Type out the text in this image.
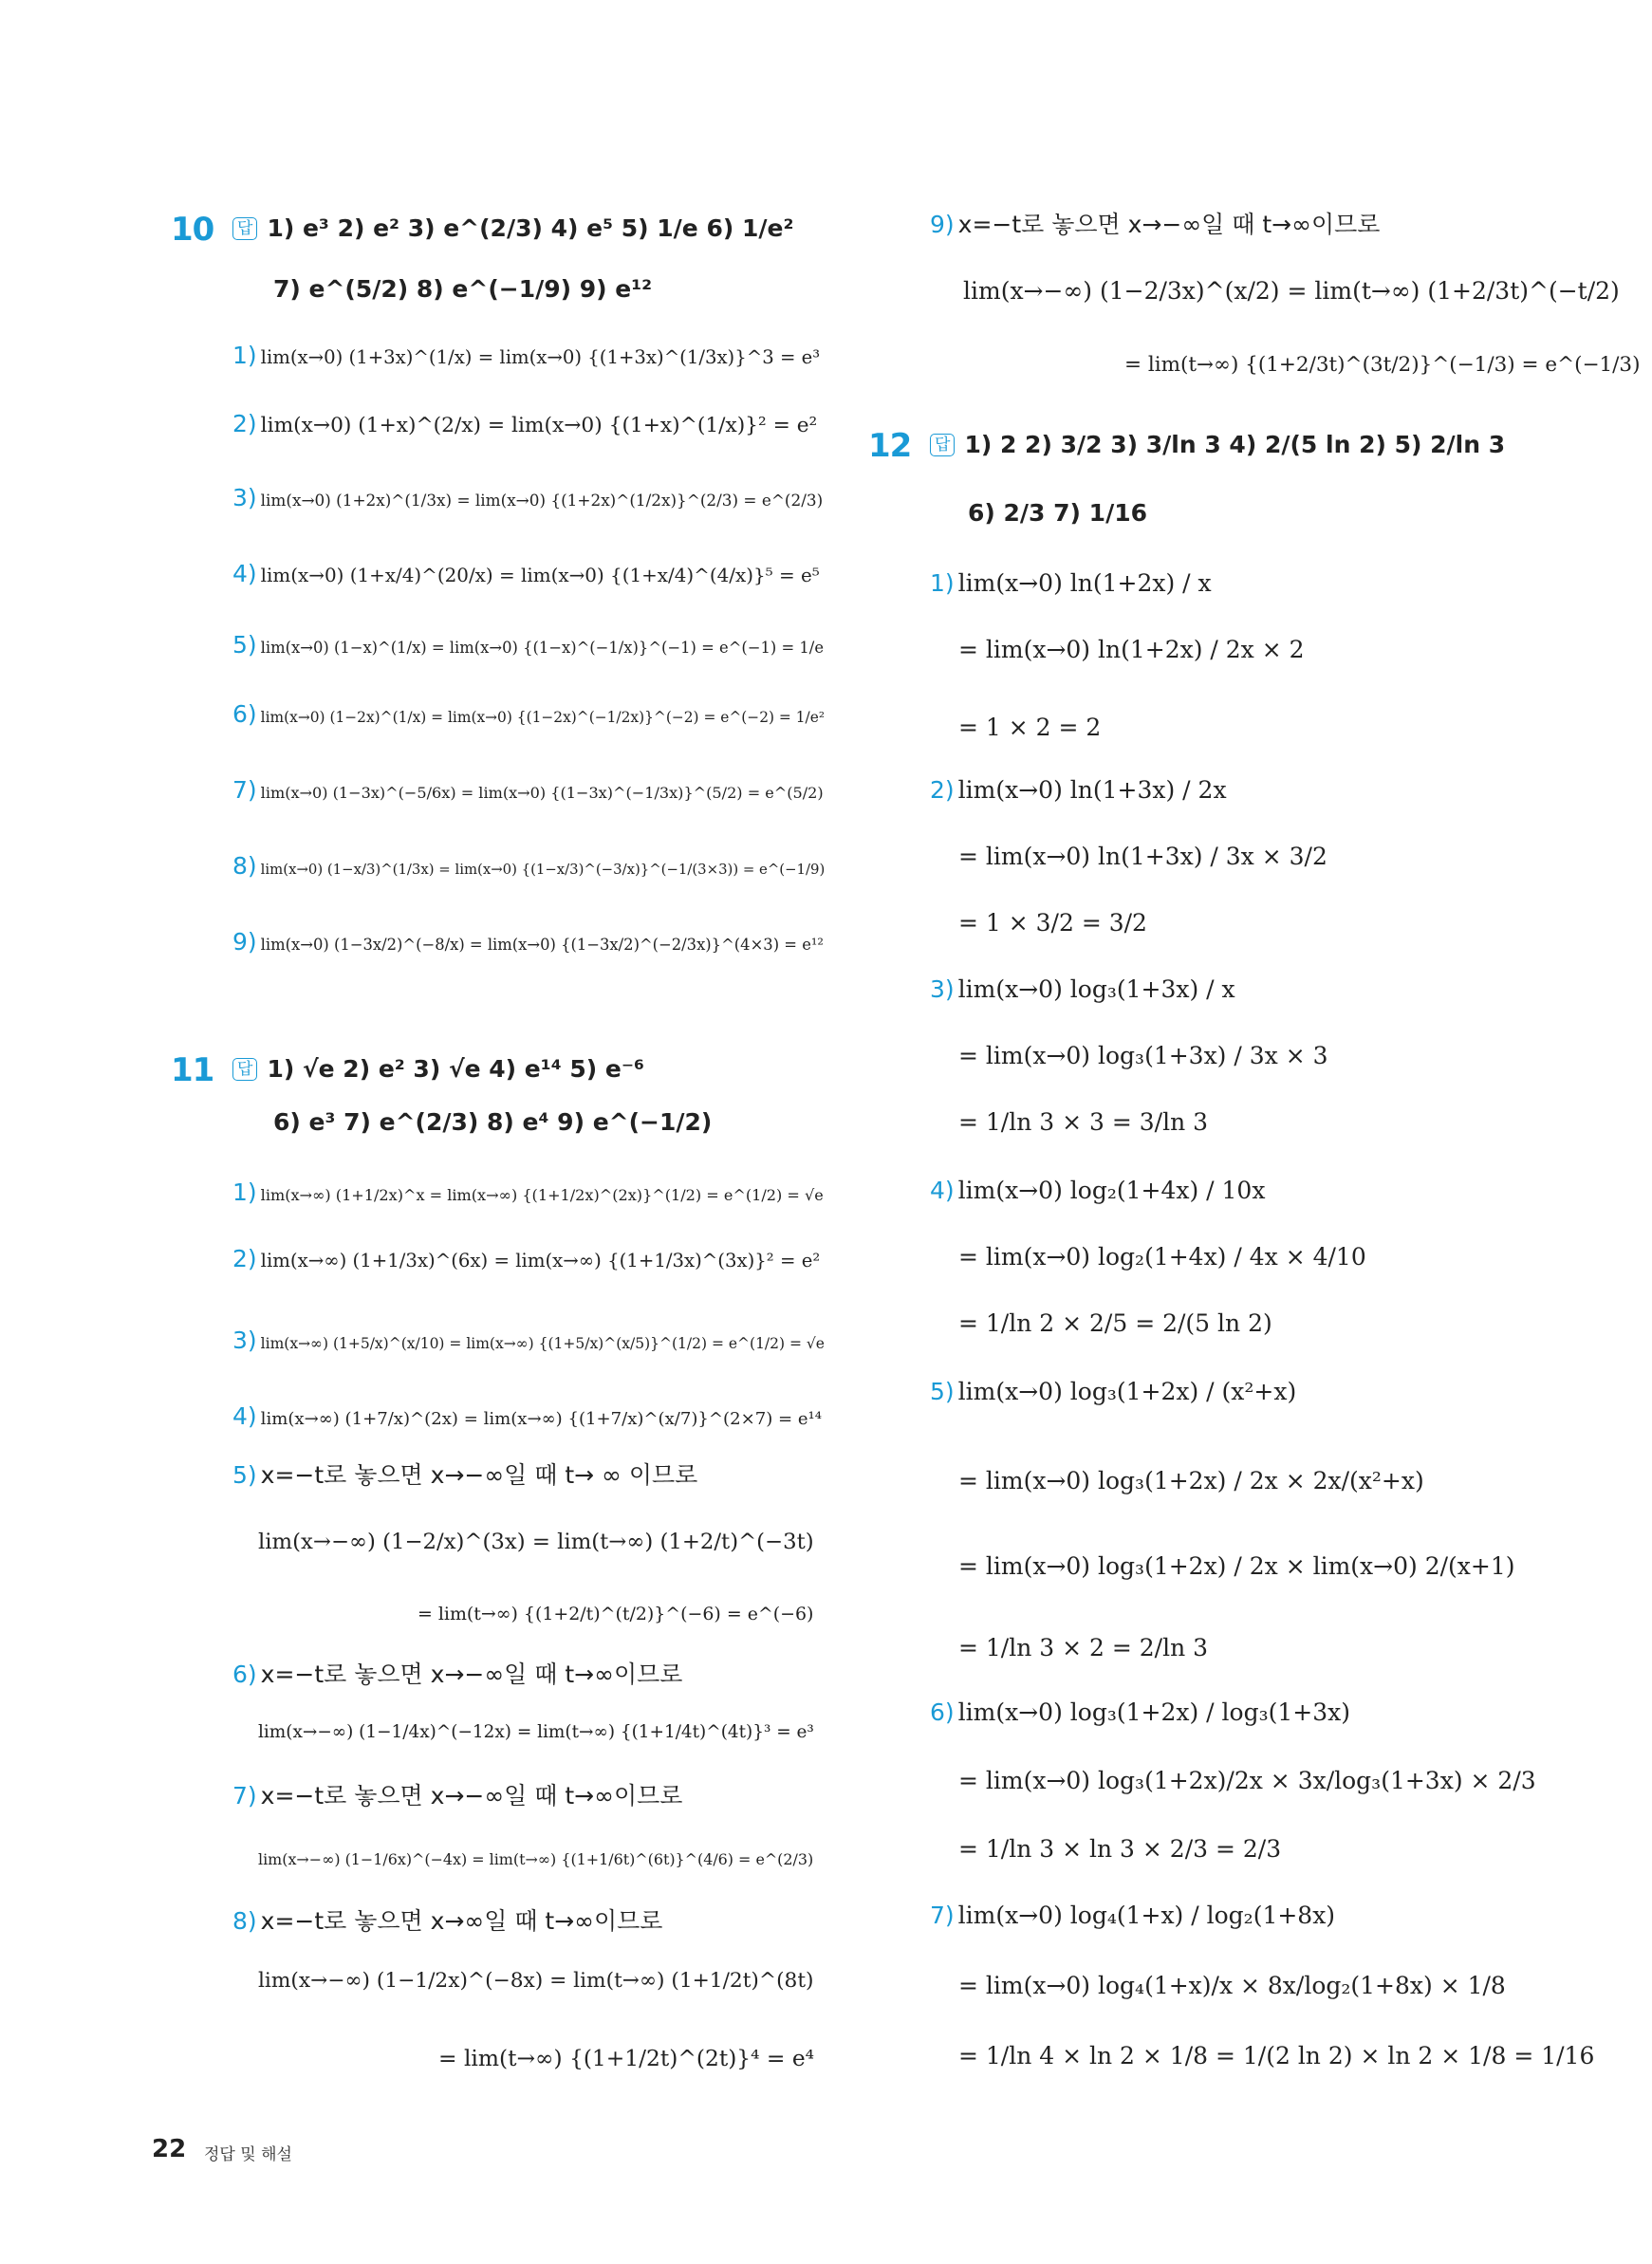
10 답 1) e³ 2) e² 3) e^(2/3) 4) e⁵ 5) 1/e 6) 1/e²
7) e^(5/2) 8) e^(−1/9) 9) e¹²
1) lim(x→0) (1+3x)^(1/x) = lim(x→0) {(1+3x)^(1/3x)}^3 = e³
2) lim(x→0) (1+x)^(2/x) = lim(x→0) {(1+x)^(1/x)}² = e²
3) lim(x→0) (1+2x)^(1/3x) = lim(x→0) {(1+2x)^(1/2x)}^(2/3) = e^(2/3)
4) lim(x→0) (1+x/4)^(20/x) = lim(x→0) {(1+x/4)^(4/x)}⁵ = e⁵
5) lim(x→0) (1−x)^(1/x) = lim(x→0) {(1−x)^(−1/x)}^(−1) = e^(−1) = 1/e
6) lim(x→0) (1−2x)^(1/x) = lim(x→0) {(1−2x)^(−1/2x)}^(−2) = e^(−2) = 1/e²
7) lim(x→0) (1−3x)^(−5/6x) = lim(x→0) {(1−3x)^(−1/3x)}^(5/2) = e^(5/2)
8) lim(x→0) (1−x/3)^(1/3x) = lim(x→0) {(1−x/3)^(−3/x)}^(−1/(3×3)) = e^(−1/9)
9) lim(x→0) (1−3x/2)^(−8/x) = lim(x→0) {(1−3x/2)^(−2/3x)}^(4×3) = e¹²
11 답 1) √e 2) e² 3) √e 4) e¹⁴ 5) e⁻⁶
6) e³ 7) e^(2/3) 8) e⁴ 9) e^(−1/2)
1) lim(x→∞) (1+1/2x)^x = lim(x→∞) {(1+1/2x)^(2x)}^(1/2) = e^(1/2) = √e
2) lim(x→∞) (1+1/3x)^(6x) = lim(x→∞) {(1+1/3x)^(3x)}² = e²
3) lim(x→∞) (1+5/x)^(x/10) = lim(x→∞) {(1+5/x)^(x/5)}^(1/2) = e^(1/2) = √e
4) lim(x→∞) (1+7/x)^(2x) = lim(x→∞) {(1+7/x)^(x/7)}^(2×7) = e¹⁴
5) x=−t로 놓으면 x→−∞일 때 t→ ∞ 이므로
lim(x→−∞) (1−2/x)^(3x) = lim(t→∞) (1+2/t)^(−3t)
= lim(t→∞) {(1+2/t)^(t/2)}^(−6) = e^(−6)
6) x=−t로 놓으면 x→−∞일 때 t→∞이므로
lim(x→−∞) (1−1/4x)^(−12x) = lim(t→∞) {(1+1/4t)^(4t)}³ = e³
7) x=−t로 놓으면 x→−∞일 때 t→∞이므로
lim(x→−∞) (1−1/6x)^(−4x) = lim(t→∞) {(1+1/6t)^(6t)}^(4/6) = e^(2/3)
8) x=−t로 놓으면 x→∞일 때 t→∞이므로
lim(x→−∞) (1−1/2x)^(−8x) = lim(t→∞) (1+1/2t)^(8t)
= lim(t→∞) {(1+1/2t)^(2t)}⁴ = e⁴
22 정답 및 해설
9) x=−t로 놓으면 x→−∞일 때 t→∞이므로
lim(x→−∞) (1−2/3x)^(x/2) = lim(t→∞) (1+2/3t)^(−t/2)
= lim(t→∞) {(1+2/3t)^(3t/2)}^(−1/3) = e^(−1/3)
12 답 1) 2 2) 3/2 3) 3/ln 3 4) 2/(5 ln 2) 5) 2/ln 3
6) 2/3 7) 1/16
1) lim(x→0) ln(1+2x) / x
= lim(x→0) ln(1+2x) / 2x × 2
= 1 × 2 = 2
2) lim(x→0) ln(1+3x) / 2x
= lim(x→0) ln(1+3x) / 3x × 3/2
= 1 × 3/2 = 3/2
3) lim(x→0) log₃(1+3x) / x
= lim(x→0) log₃(1+3x) / 3x × 3
= 1/ln 3 × 3 = 3/ln 3
4) lim(x→0) log₂(1+4x) / 10x
= lim(x→0) log₂(1+4x) / 4x × 4/10
= 1/ln 2 × 2/5 = 2/(5 ln 2)
5) lim(x→0) log₃(1+2x) / (x²+x)
= lim(x→0) log₃(1+2x) / 2x × 2x/(x²+x)
= lim(x→0) log₃(1+2x) / 2x × lim(x→0) 2/(x+1)
= 1/ln 3 × 2 = 2/ln 3
6) lim(x→0) log₃(1+2x) / log₃(1+3x)
= lim(x→0) log₃(1+2x)/2x × 3x/log₃(1+3x) × 2/3
= 1/ln 3 × ln 3 × 2/3 = 2/3
7) lim(x→0) log₄(1+x) / log₂(1+8x)
= lim(x→0) log₄(1+x)/x × 8x/log₂(1+8x) × 1/8
= 1/ln 4 × ln 2 × 1/8 = 1/(2 ln 2) × ln 2 × 1/8 = 1/16
